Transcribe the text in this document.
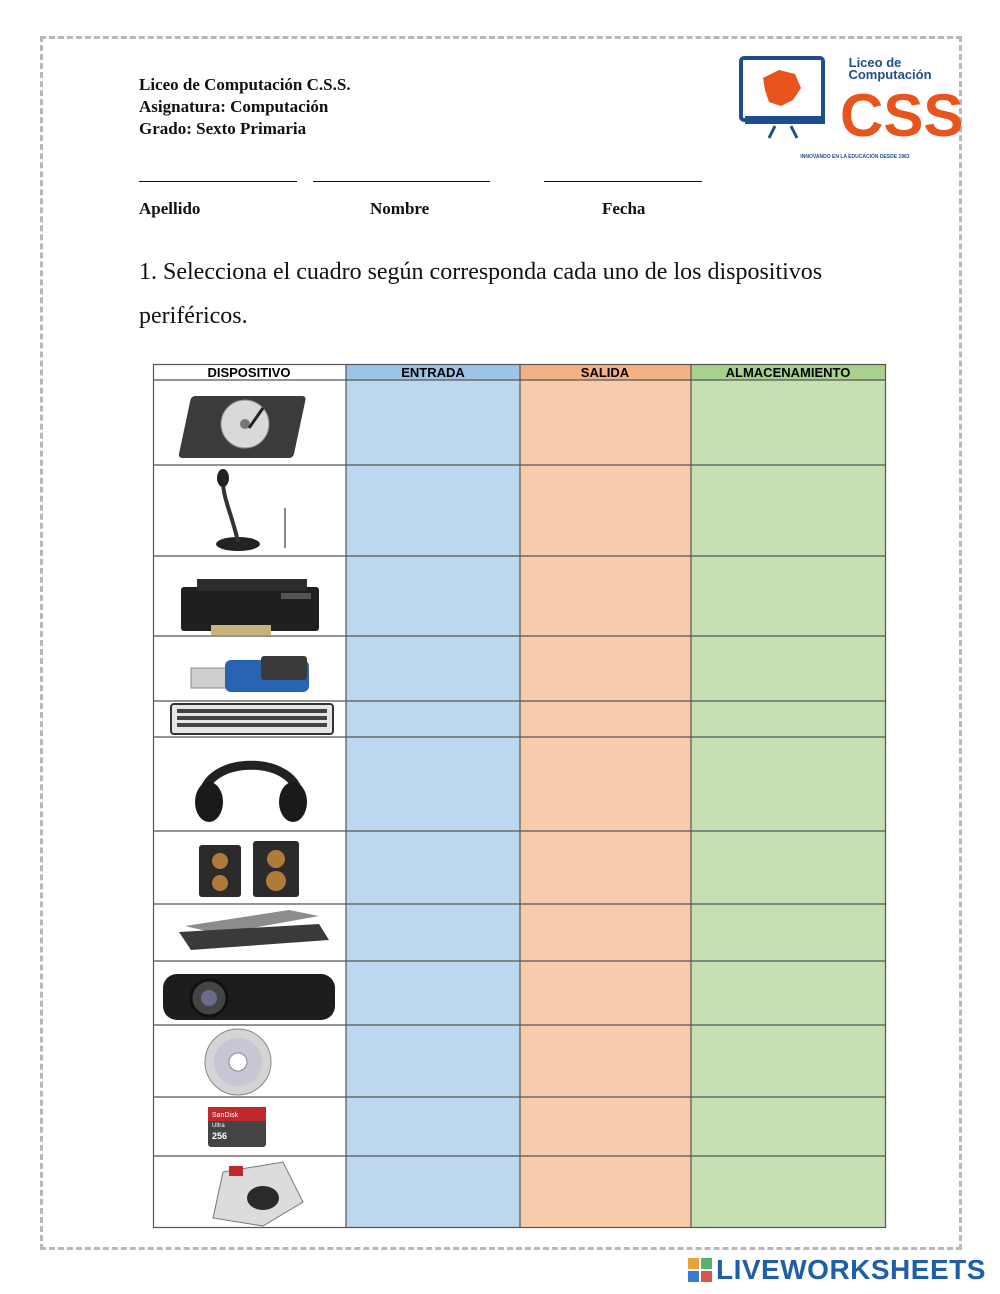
Liceo de Computación C.S.S.
Asignatura: Computación
Grado: Sexto Primaria
Liceo de
Computación
CSS
INNOVANDO EN LA EDUCACIÓN DESDE 1963
Apellido	Nombre	Fecha
1. Selecciona el cuadro según corresponda cada uno de los dispositivos periféricos.
DISPOSITIVO	ENTRADA	SALIDA	ALMACENAMIENTO
SanDisk
Ultra
256
LIVEWORKSHEETS
